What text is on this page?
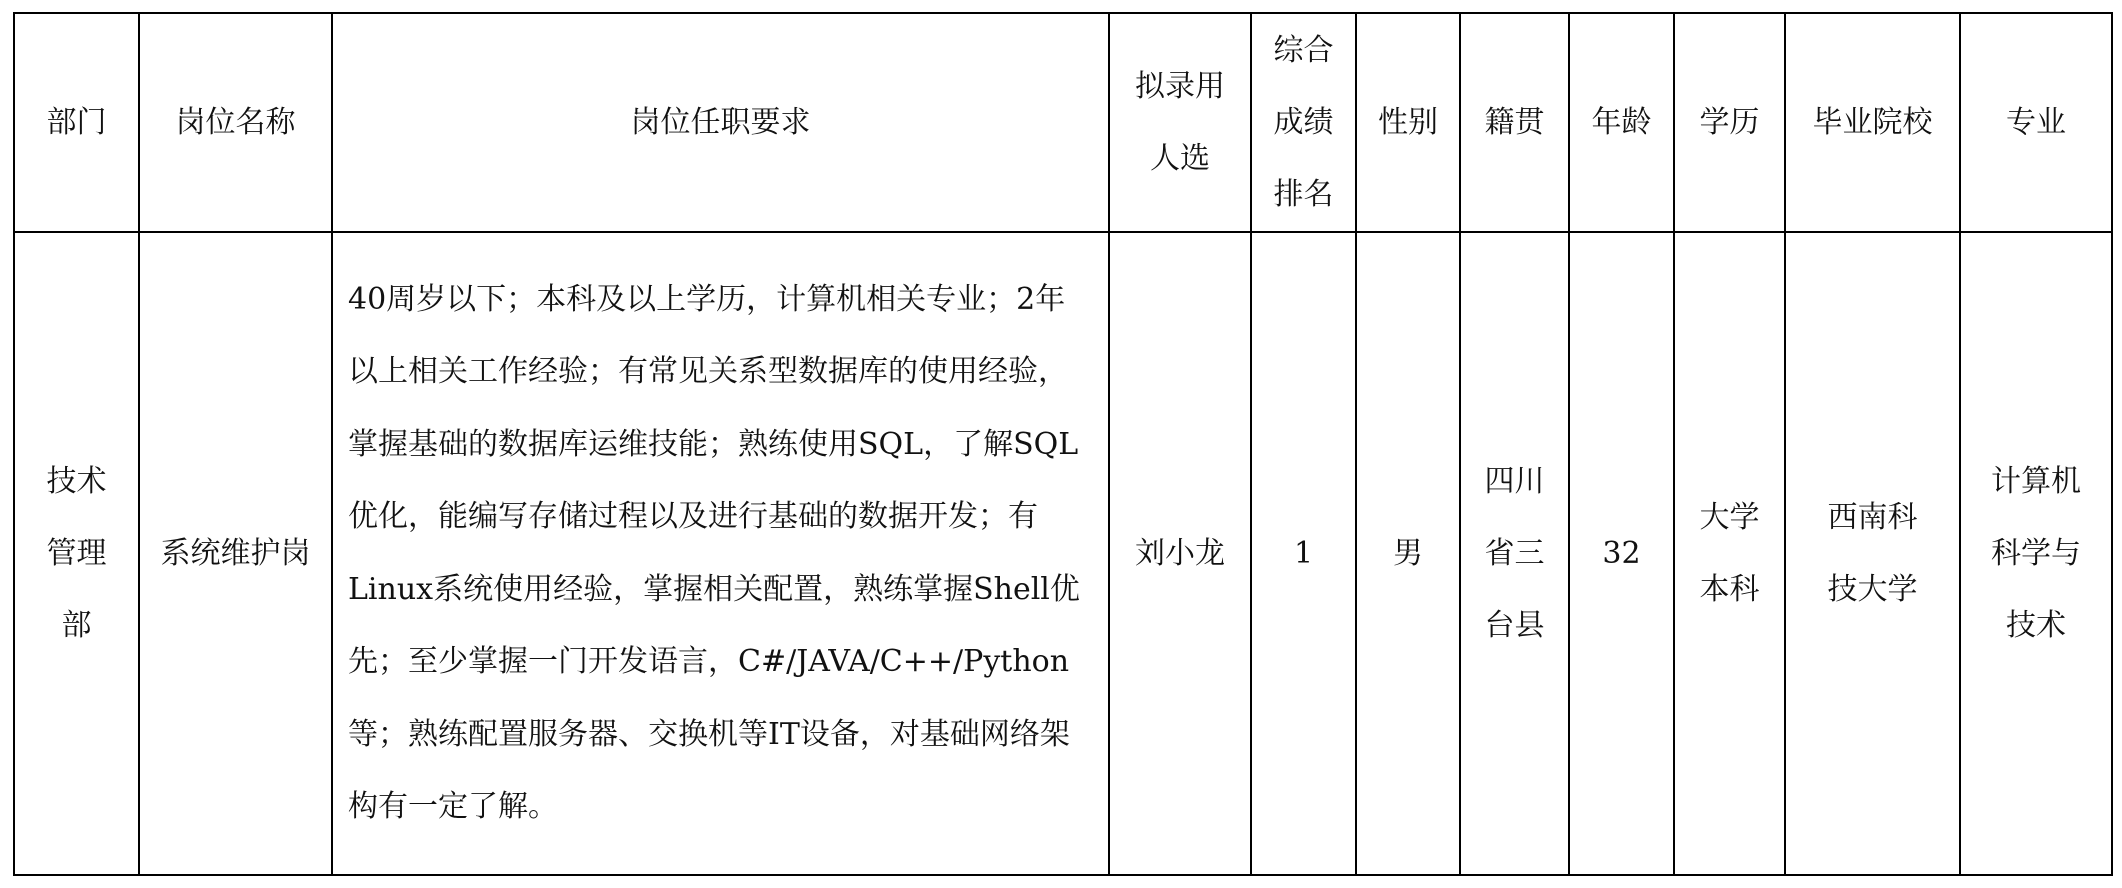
部门	岗位名称	岗位任职要求	拟录用人选	综合成绩排名	性别	籍贯	年龄	学历	毕业院校	专业

技术管理部	系统维护岗	40周岁以下；本科及以上学历，计算机相关专业；2年以上相关工作经验；有常见关系型数据库的使用经验，掌握基础的数据库运维技能；熟练使用SQL，了解SQL优化，能编写存储过程以及进行基础的数据开发；有Linux系统使用经验，掌握相关配置，熟练掌握Shell优先；至少掌握一门开发语言，C#/JAVA/C++/Python等；熟练配置服务器、交换机等IT设备，对基础网络架构有一定了解。	刘小龙	1	男	四川省三台县	32	大学本科	西南科技大学	计算机科学与技术
